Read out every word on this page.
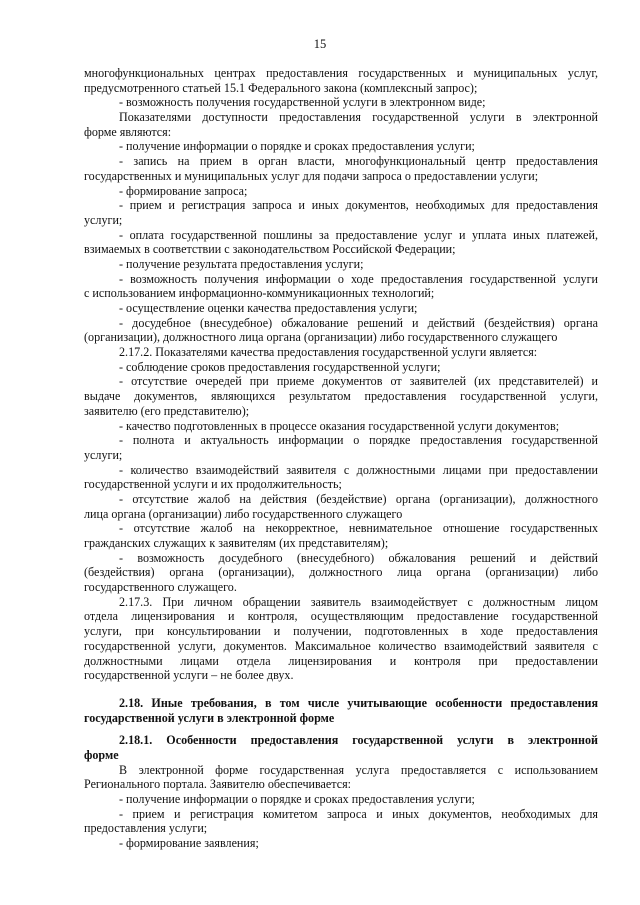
15
многофункциональных центрах предоставления государственных и муниципальных услуг,
предусмотренного статьей 15.1 Федерального закона (комплексный запрос);
- возможность получения государственной услуги в электронном виде;
Показателями доступности предоставления государственной услуги в электронной
форме являются:
- получение информации о порядке и сроках предоставления услуги;
- запись на прием в орган власти, многофункциональный центр предоставления
государственных и муниципальных услуг для подачи запроса о предоставлении услуги;
- формирование запроса;
- прием и регистрация запроса и иных документов, необходимых для предоставления
услуги;
- оплата государственной пошлины за предоставление услуг и уплата иных платежей,
взимаемых в соответствии с законодательством Российской Федерации;
- получение результата предоставления услуги;
- возможность получения информации о ходе предоставления государственной услуги
с использованием информационно-коммуникационных технологий;
- осуществление оценки качества предоставления услуги;
- досудебное (внесудебное) обжалование решений и действий (бездействия) органа
(организации), должностного лица органа (организации) либо государственного служащего
2.17.2. Показателями качества предоставления государственной услуги является:
- соблюдение сроков предоставления государственной услуги;
- отсутствие очередей при приеме документов от заявителей (их представителей) и
выдаче документов, являющихся результатом предоставления государственной услуги,
заявителю (его представителю);
- качество подготовленных в процессе оказания государственной услуги документов;
- полнота и актуальность информации о порядке предоставления государственной
услуги;
- количество взаимодействий заявителя с должностными лицами при предоставлении
государственной услуги и их продолжительность;
- отсутствие жалоб на действия (бездействие) органа (организации), должностного
лица органа (организации) либо государственного служащего
- отсутствие жалоб на некорректное, невнимательное отношение государственных
гражданских служащих к заявителям (их представителям);
- возможность досудебного (внесудебного) обжалования решений и действий
(бездействия) органа (организации), должностного лица органа (организации) либо
государственного служащего.
2.17.3. При личном обращении заявитель взаимодействует с должностным лицом
отдела лицензирования и контроля, осуществляющим предоставление государственной
услуги, при консультировании и получении, подготовленных в ходе предоставления
государственной услуги, документов. Максимальное количество взаимодействий заявителя с
должностными лицами отдела лицензирования и контроля при предоставлении
государственной услуги – не более двух.
2.18. Иные требования, в том числе учитывающие особенности предоставления
государственной услуги в электронной форме
2.18.1. Особенности предоставления государственной услуги в электронной
форме
В электронной форме государственная услуга предоставляется с использованием
Регионального портала. Заявителю обеспечивается:
- получение информации о порядке и сроках предоставления услуги;
- прием и регистрация комитетом запроса и иных документов, необходимых для
предоставления услуги;
- формирование заявления;
